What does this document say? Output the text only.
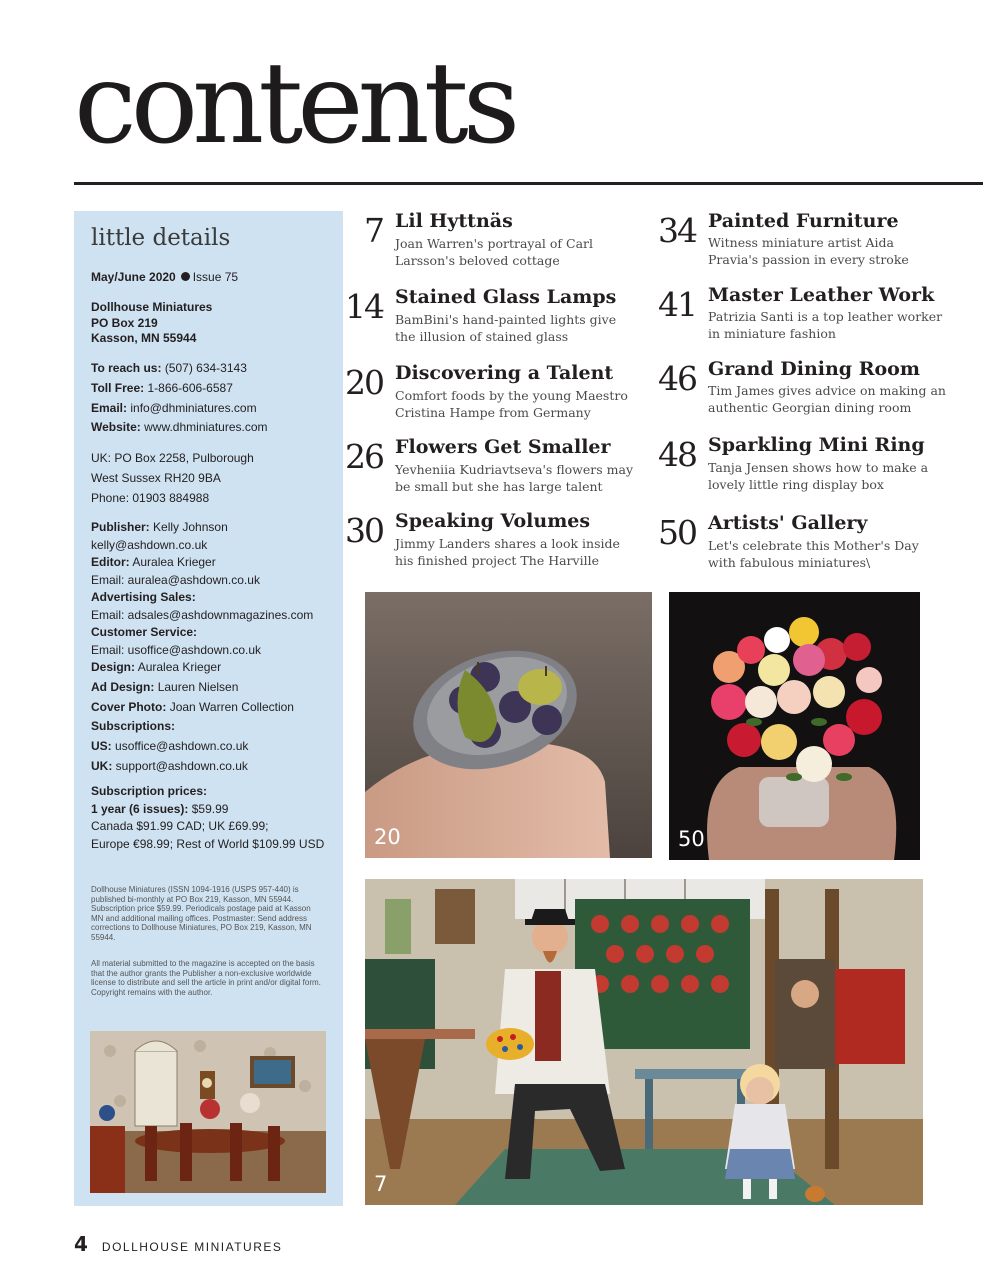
contents
little details
May/June 2020 Issue 75
Dollhouse Miniatures
PO Box 219
Kasson, MN 55944
To reach us: (507) 634-3143
Toll Free: 1-866-606-6587
Email: info@dhminiatures.com
Website: www.dhminiatures.com
UK: PO Box 2258, Pulborough
West Sussex RH20 9BA
Phone: 01903 884988
Publisher: Kelly Johnson
kelly@ashdown.co.uk
Editor: Auralea Krieger
Email: auralea@ashdown.co.uk
Advertising Sales:
Email: adsales@ashdownmagazines.com
Customer Service:
Email: usoffice@ashdown.co.uk
Design: Auralea Krieger
Ad Design: Lauren Nielsen
Cover Photo: Joan Warren Collection
Subscriptions:
US: usoffice@ashdown.co.uk
UK: support@ashdown.co.uk
Subscription prices:
1 year (6 issues): $59.99
Canada $91.99 CAD; UK £69.99;
Europe €98.99; Rest of World $109.99 USD
Dollhouse Miniatures (ISSN 1094-1916 (USPS 957-440) is published bi-monthly at PO Box 219, Kasson, MN 55944. Subscription price $59.99. Periodicals postage paid at Kasson MN and additional mailing offices. Postmaster: Send address corrections to Dollhouse Miniatures, PO Box 219, Kasson, MN 55944.
All material submitted to the magazine is accepted on the basis that the author grants the Publisher a non-exclusive worldwide license to distribute and sell the article in print and/or digital form. Copyright remains with the author.
7 Lil Hyttnäs
Joan Warren's portrayal of Carl Larsson's beloved cottage
14 Stained Glass Lamps
BamBini's hand-painted lights give the illusion of stained glass
20 Discovering a Talent
Comfort foods by the young Maestro Cristina Hampe from Germany
26 Flowers Get Smaller
Yevheniia Kudriavtseva's flowers may be small but she has large talent
30 Speaking Volumes
Jimmy Landers shares a look inside his finished project The Harville
34 Painted Furniture
Witness miniature artist Aida Pravia's passion in every stroke
41 Master Leather Work
Patrizia Santi is a top leather worker in miniature fashion
46 Grand Dining Room
Tim James gives advice on making an authentic Georgian dining room
48 Sparkling Mini Ring
Tanja Jensen shows how to make a lovely little ring display box
50 Artists' Gallery
Let's celebrate this Mother's Day with fabulous miniatures\
20	50
7
4 DOLLHOUSE MINIATURES
